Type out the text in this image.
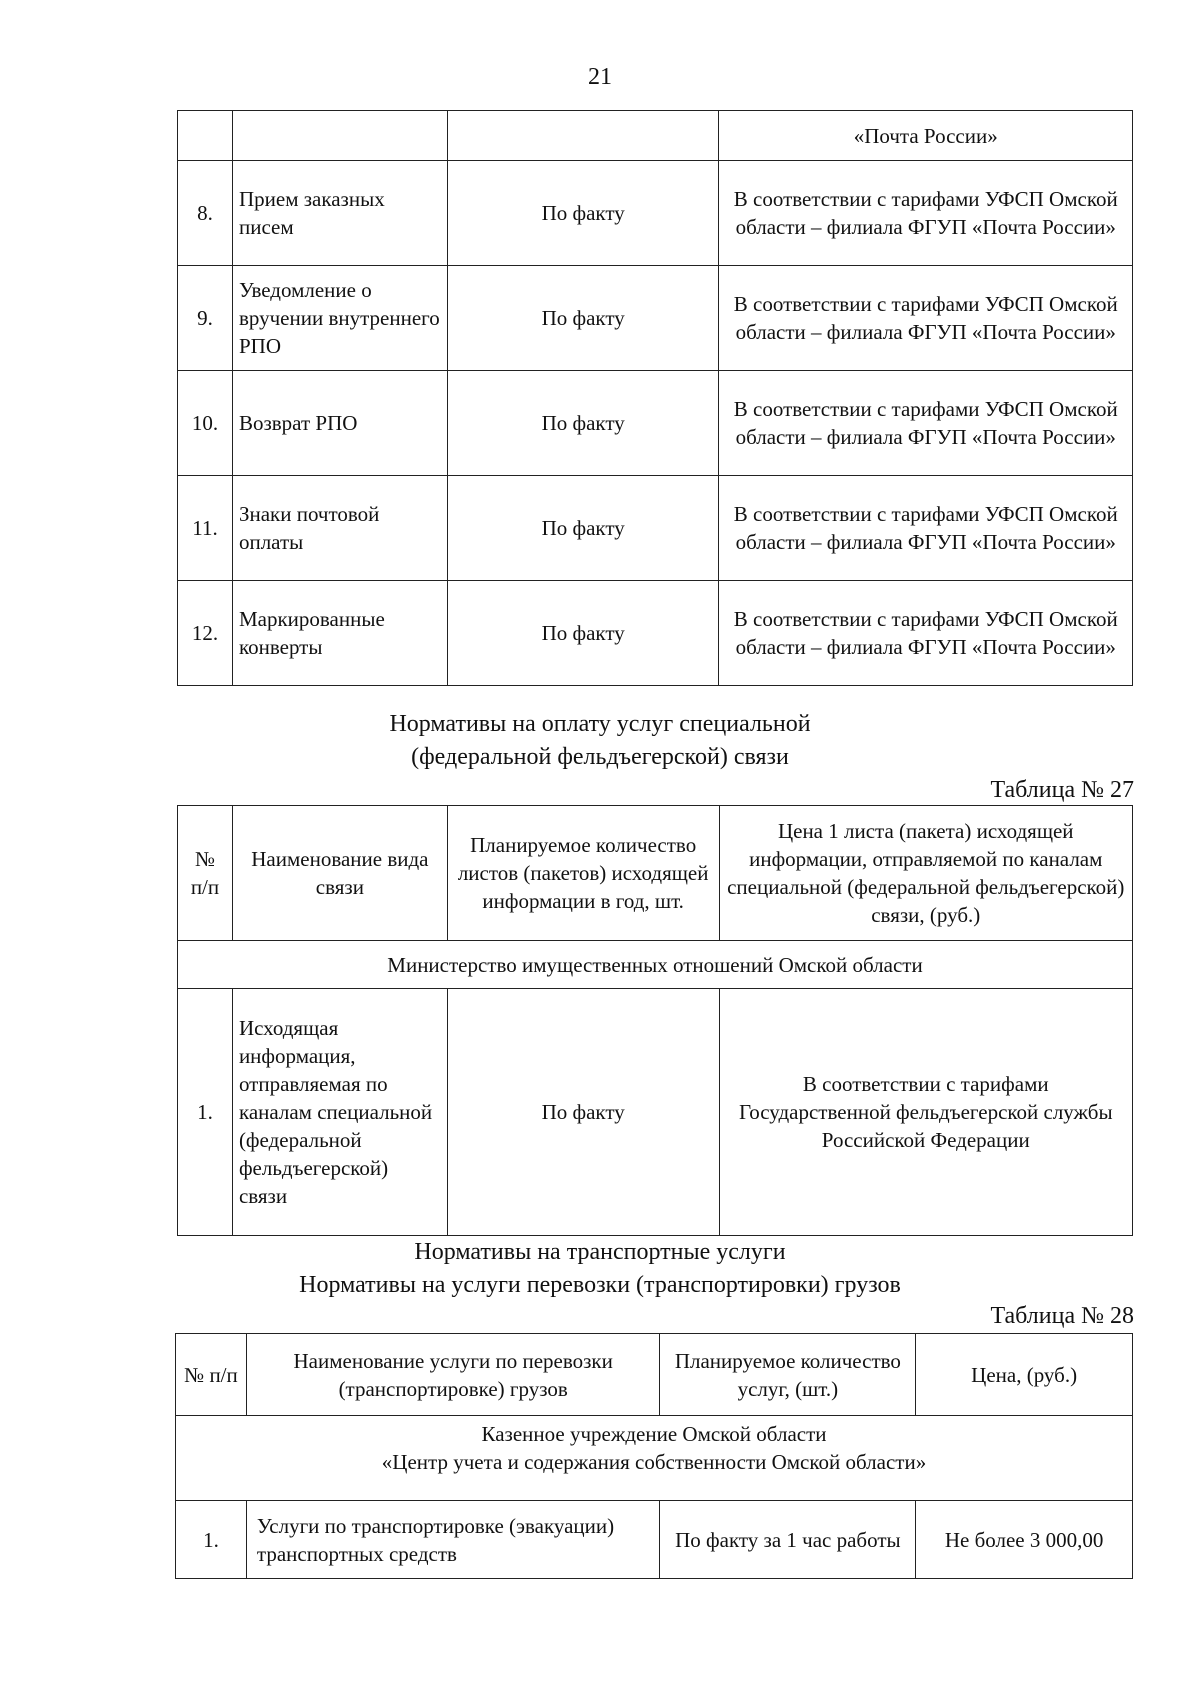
21
			«Почта России»
8.	Прием заказных писем	По факту	В соответствии с тарифами УФСП Омской области – филиала ФГУП «Почта России»
9.	Уведомление о вручении внутреннего РПО	По факту	В соответствии с тарифами УФСП Омской области – филиала ФГУП «Почта России»
10.	Возврат РПО	По факту	В соответствии с тарифами УФСП Омской области – филиала ФГУП «Почта России»
11.	Знаки почтовой оплаты	По факту	В соответствии с тарифами УФСП Омской области – филиала ФГУП «Почта России»
12.	Маркированные конверты	По факту	В соответствии с тарифами УФСП Омской области – филиала ФГУП «Почта России»
Нормативы на оплату услуг специальной
(федеральной фельдъегерской) связи
Таблица № 27
№ п/п	Наименование вида связи	Планируемое количество листов (пакетов) исходящей информации в год, шт.	Цена 1 листа (пакета) исходящей информации, отправляемой по каналам специальной (федеральной фельдъегерской) связи, (руб.)
Министерство имущественных отношений Омской области			
1.	Исходящая информация, отправляемая по каналам специальной (федеральной фельдъегерской) связи	По факту	В соответствии с тарифами Государственной фельдъегерской службы Российской Федерации
Нормативы на транспортные услуги
Нормативы на услуги перевозки (транспортировки) грузов
Таблица № 28
№ п/п	Наименование услуги по перевозки (транспортировке) грузов	Планируемое количество услуг, (шт.)	Цена, (руб.)

Казенное учреждение Омской области
«Центр учета и содержания собственности Омской области»			

1.	Услуги по транспортировке (эвакуации) транспортных средств	По факту за 1 час работы	Не более 3 000,00
